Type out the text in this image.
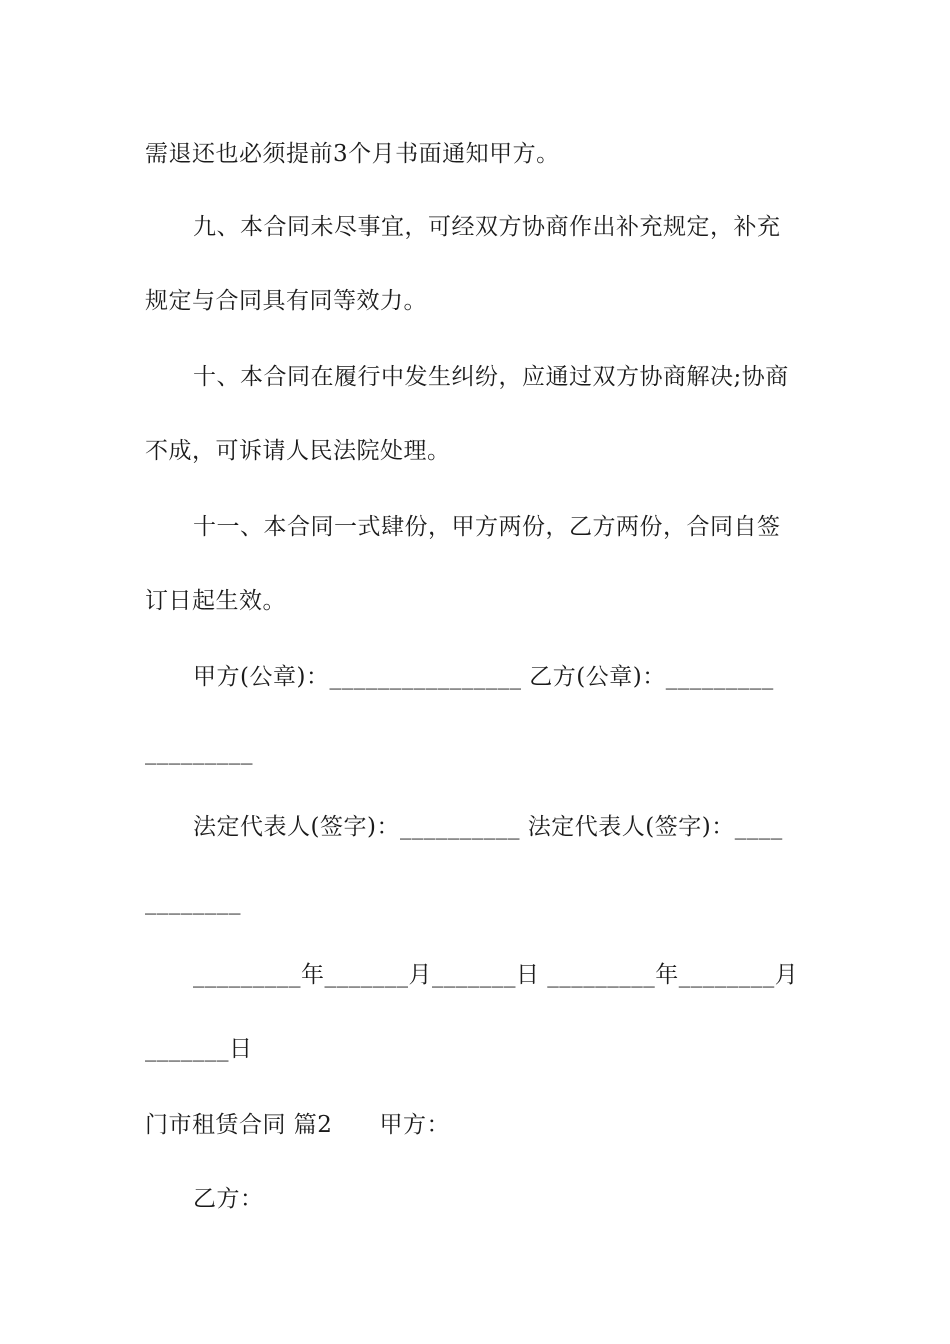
需退还也必须提前3个月书面通知甲方。
九、本合同未尽事宜，可经双方协商作出补充规定，补充
规定与合同具有同等效力。
十、本合同在履行中发生纠纷，应通过双方协商解决;协商
不成，可诉请人民法院处理。
十一、本合同一式肆份，甲方两份，乙方两份，合同自签
订日起生效。
甲方(公章)：________________ 乙方(公章)：_________
_________
法定代表人(签字)：__________ 法定代表人(签字)：____
________
_________年_______月_______日 _________年________月
_______日
门市租赁合同 篇2　　甲方：
乙方：
